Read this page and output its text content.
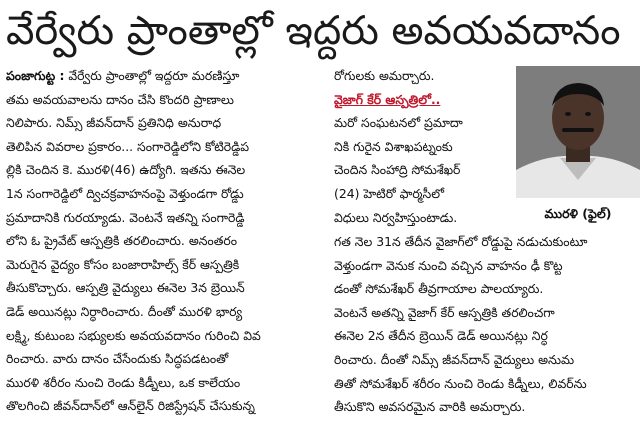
వేర్వేరు ప్రాంతాల్లో ఇద్దరు అవయవదానం
పంజాగుట్ట : వేర్వేరు ప్రాంతాల్లో ఇద్దరూ మరణిస్తూ
తమ అవయవాలను దానం చేసి కొందరి ప్రాణాలు
నిలిపారు. నిమ్స్ జీవన్‌దాన్ ప్రతినిధి అనురాధ
తెలిపిన వివరాల ప్రకారం... సంగారెడ్డిలోని కోటిరెడ్డిప
ల్లికి చెందిన కె. మురళి(46) ఉద్యోగి. ఇతను ఈనెల
1న సంగారెడ్డిలో ద్విచక్రవాహనంపై వెళ్తుండగా రోడ్డు
ప్రమాదానికి గురయ్యాడు. వెంటనే ఇతన్ని సంగారెడ్డి
లోని ఓ ప్రైవేట్ ఆస్పత్రికి తరలించారు. అనంతరం
మెరుగైన వైద్యం కోసం బంజారాహిల్స్ కేర్ ఆస్పత్రికి
తీసుకొచ్చారు. ఆస్పత్రి వైద్యులు ఈనెల 3న బ్రెయిన్
డెడ్ అయినట్లు నిర్ధారించారు. దీంతో మురళి భార్య
లక్ష్మి, కుటుంబ సభ్యులకు అవయవదానం గురించి వివ
రించారు. వారు దానం చేసేందుకు సిద్ధపడటంతో
మురళి శరీరం నుంచి రెండు కిడ్నీలు, ఒక కాలేయం
తొలగించి జీవన్‌దాన్‌లో ఆన్‌లైన్ రిజిస్ట్రేషన్ చేసుకున్న
రోగులకు అమర్చారు.
వైజాగ్ కేర్ ఆస్పత్రిలో..
మరో సంఘటనలో ప్రమాదా
నికి గురైన విశాఖపట్నంకు
చెందిన సింహాద్రి సోమశేఖర్
(24) హెటిరో ఫార్మసీలో
విధులు నిర్వహిస్తుంటాడు.
గత నెల 31న తేదీన వైజాగ్‌లో రోడ్డుపై నడుచుకుంటూ
వెళ్తుండగా వెనుక నుంచి వచ్చిన వాహనం ఢీ కొట్ట
డంతో సోమశేఖర్ తీవ్రగాయాల పాలయ్యారు.
వెంటనే అతన్ని వైజాగ్ కేర్ ఆస్పత్రికి తరలించగా
ఈనెల 2న తేదీన బ్రెయిన్ డెడ్ అయినట్లు నిర్ధ
రించారు. దీంతో నిమ్స్ జీవన్‌దాన్ వైద్యులు అనుమ
తితో సోమశేఖర్ శరీరం నుంచి రెండు కిడ్నీలు, లివర్‌ను
తీసుకొని అవసరమైన వారికి అమర్చారు.
మురళి (ఫైల్)
